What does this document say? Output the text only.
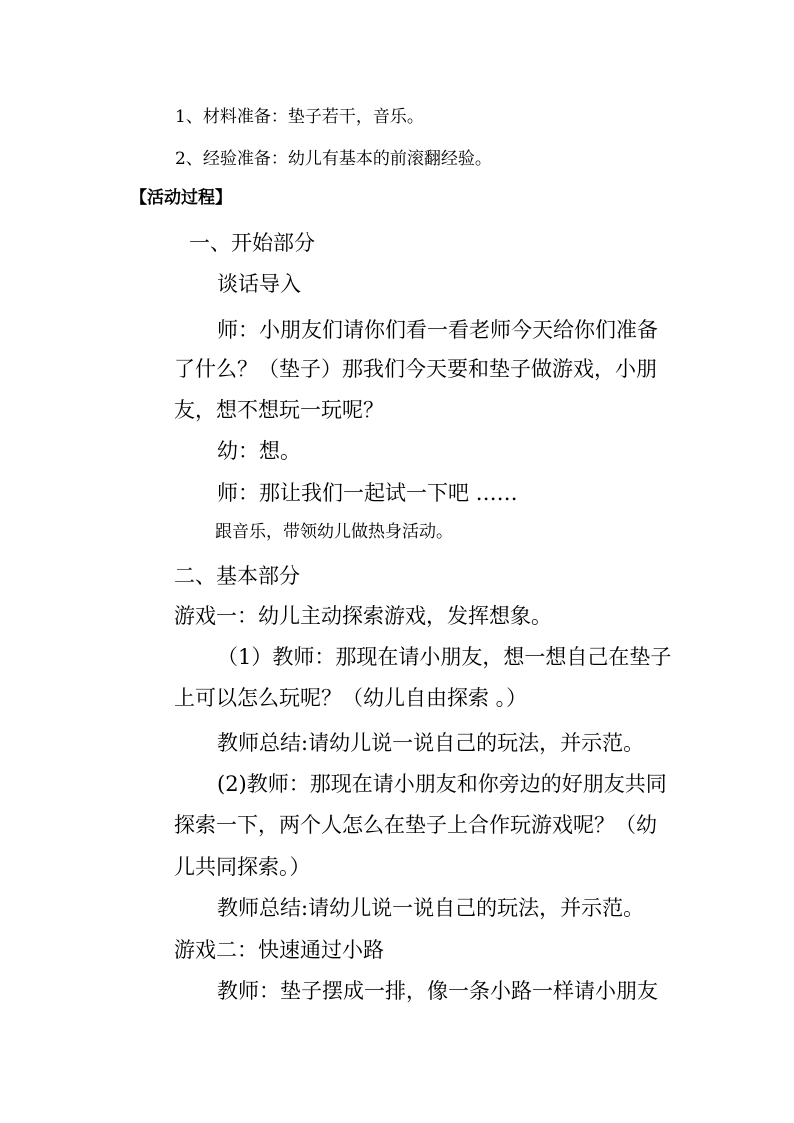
1、材料准备：垫子若干，音乐。
2、经验准备：幼儿有基本的前滚翻经验。
【活动过程】
一、开始部分
谈话导入
师：小朋友们请你们看一看老师今天给你们准备
了什么？（垫子）那我们今天要和垫子做游戏，小朋
友，想不想玩一玩呢？
幼：想。
师：那让我们一起试一下吧 ……
跟音乐，带领幼儿做热身活动。
二、基本部分
游戏一：幼儿主动探索游戏，发挥想象。
（1）教师：那现在请小朋友，想一想自己在垫子
上可以怎么玩呢？（幼儿自由探索 。）
教师总结:请幼儿说一说自己的玩法，并示范。
(2)教师：那现在请小朋友和你旁边的好朋友共同
探索一下，两个人怎么在垫子上合作玩游戏呢？（幼
儿共同探索。）
教师总结:请幼儿说一说自己的玩法，并示范。
游戏二：快速通过小路
教师：垫子摆成一排，像一条小路一样请小朋友
